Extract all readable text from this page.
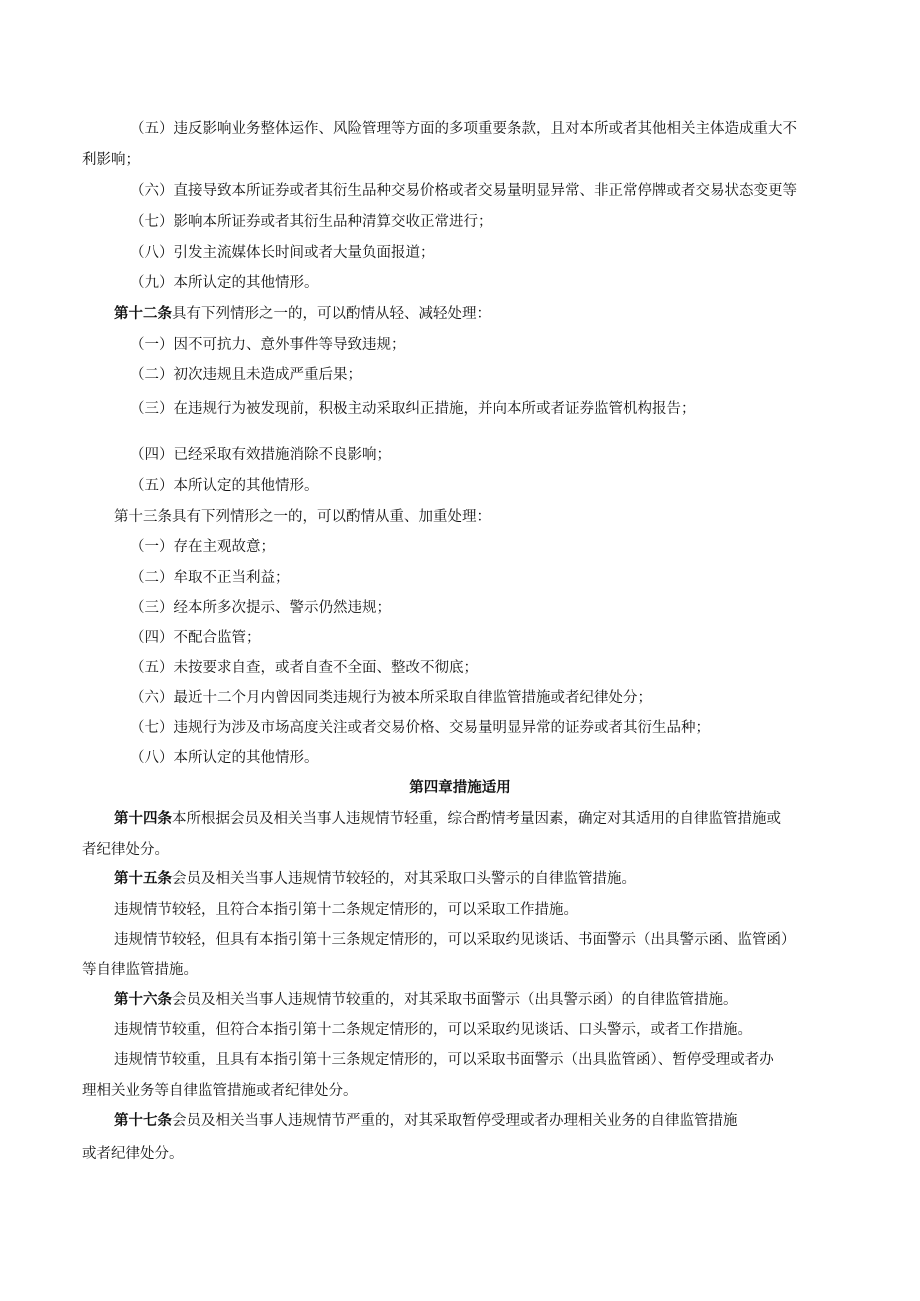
（五）违反影响业务整体运作、风险管理等方面的多项重要条款，且对本所或者其他相关主体造成重大不

利影响；

（六）直接导致本所证券或者其衍生品种交易价格或者交易量明显异常、非正常停牌或者交易状态变更等

（七）影响本所证券或者其衍生品种清算交收正常进行；

（八）引发主流媒体长时间或者大量负面报道；

（九）本所认定的其他情形。

第十二条具有下列情形之一的，可以酌情从轻、减轻处理：

（一）因不可抗力、意外事件等导致违规；

（二）初次违规且未造成严重后果；

（三）在违规行为被发现前，积极主动采取纠正措施，并向本所或者证券监管机构报告；

（四）已经采取有效措施消除不良影响；

（五）本所认定的其他情形。

第十三条具有下列情形之一的，可以酌情从重、加重处理：

（一）存在主观故意；

（二）牟取不正当利益；

（三）经本所多次提示、警示仍然违规；

（四）不配合监管；

（五）未按要求自查，或者自查不全面、整改不彻底；

（六）最近十二个月内曾因同类违规行为被本所采取自律监管措施或者纪律处分；

（七）违规行为涉及市场高度关注或者交易价格、交易量明显异常的证券或者其衍生品种；

（八）本所认定的其他情形。

第四章措施适用

第十四条本所根据会员及相关当事人违规情节轻重，综合酌情考量因素，确定对其适用的自律监管措施或

者纪律处分。

第十五条会员及相关当事人违规情节较轻的，对其采取口头警示的自律监管措施。

违规情节较轻，且符合本指引第十二条规定情形的，可以采取工作措施。

违规情节较轻，但具有本指引第十三条规定情形的，可以采取约见谈话、书面警示（出具警示函、监管函）

等自律监管措施。

第十六条会员及相关当事人违规情节较重的，对其采取书面警示（出具警示函）的自律监管措施。

违规情节较重，但符合本指引第十二条规定情形的，可以采取约见谈话、口头警示，或者工作措施。

违规情节较重，且具有本指引第十三条规定情形的，可以采取书面警示（出具监管函）、暂停受理或者办

理相关业务等自律监管措施或者纪律处分。

第十七条会员及相关当事人违规情节严重的，对其采取暂停受理或者办理相关业务的自律监管措施

或者纪律处分。
